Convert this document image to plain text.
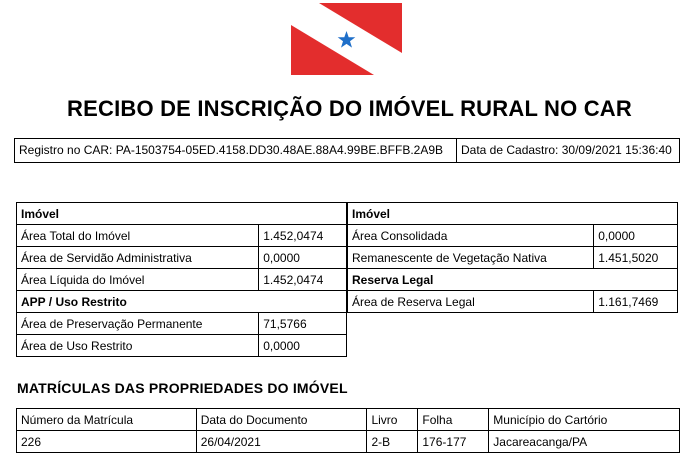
RECIBO DE INSCRIÇÃO DO IMÓVEL RURAL NO CAR
Registro no CAR: PA-1503754-05ED.4158.DD30.48AE.88A4.99BE.BFFB.2A9B	Data de Cadastro: 30/09/2021 15:36:40
Imóvel	
Área Total do Imóvel	1.452,0474
Área de Servidão Administrativa	0,0000
Área Líquida do Imóvel	1.452,0474
APP / Uso Restrito	
Área de Preservação Permanente	71,5766
Área de Uso Restrito	0,0000
Imóvel	
Área Consolidada	0,0000
Remanescente de Vegetação Nativa	1.451,5020
Reserva Legal	
Área de Reserva Legal	1.161,7469
MATRÍCULAS DAS PROPRIEDADES DO IMÓVEL
Número da Matrícula	Data do Documento	Livro	Folha	Município do Cartório
226	26/04/2021	2-B	176-177	Jacareacanga/PA
